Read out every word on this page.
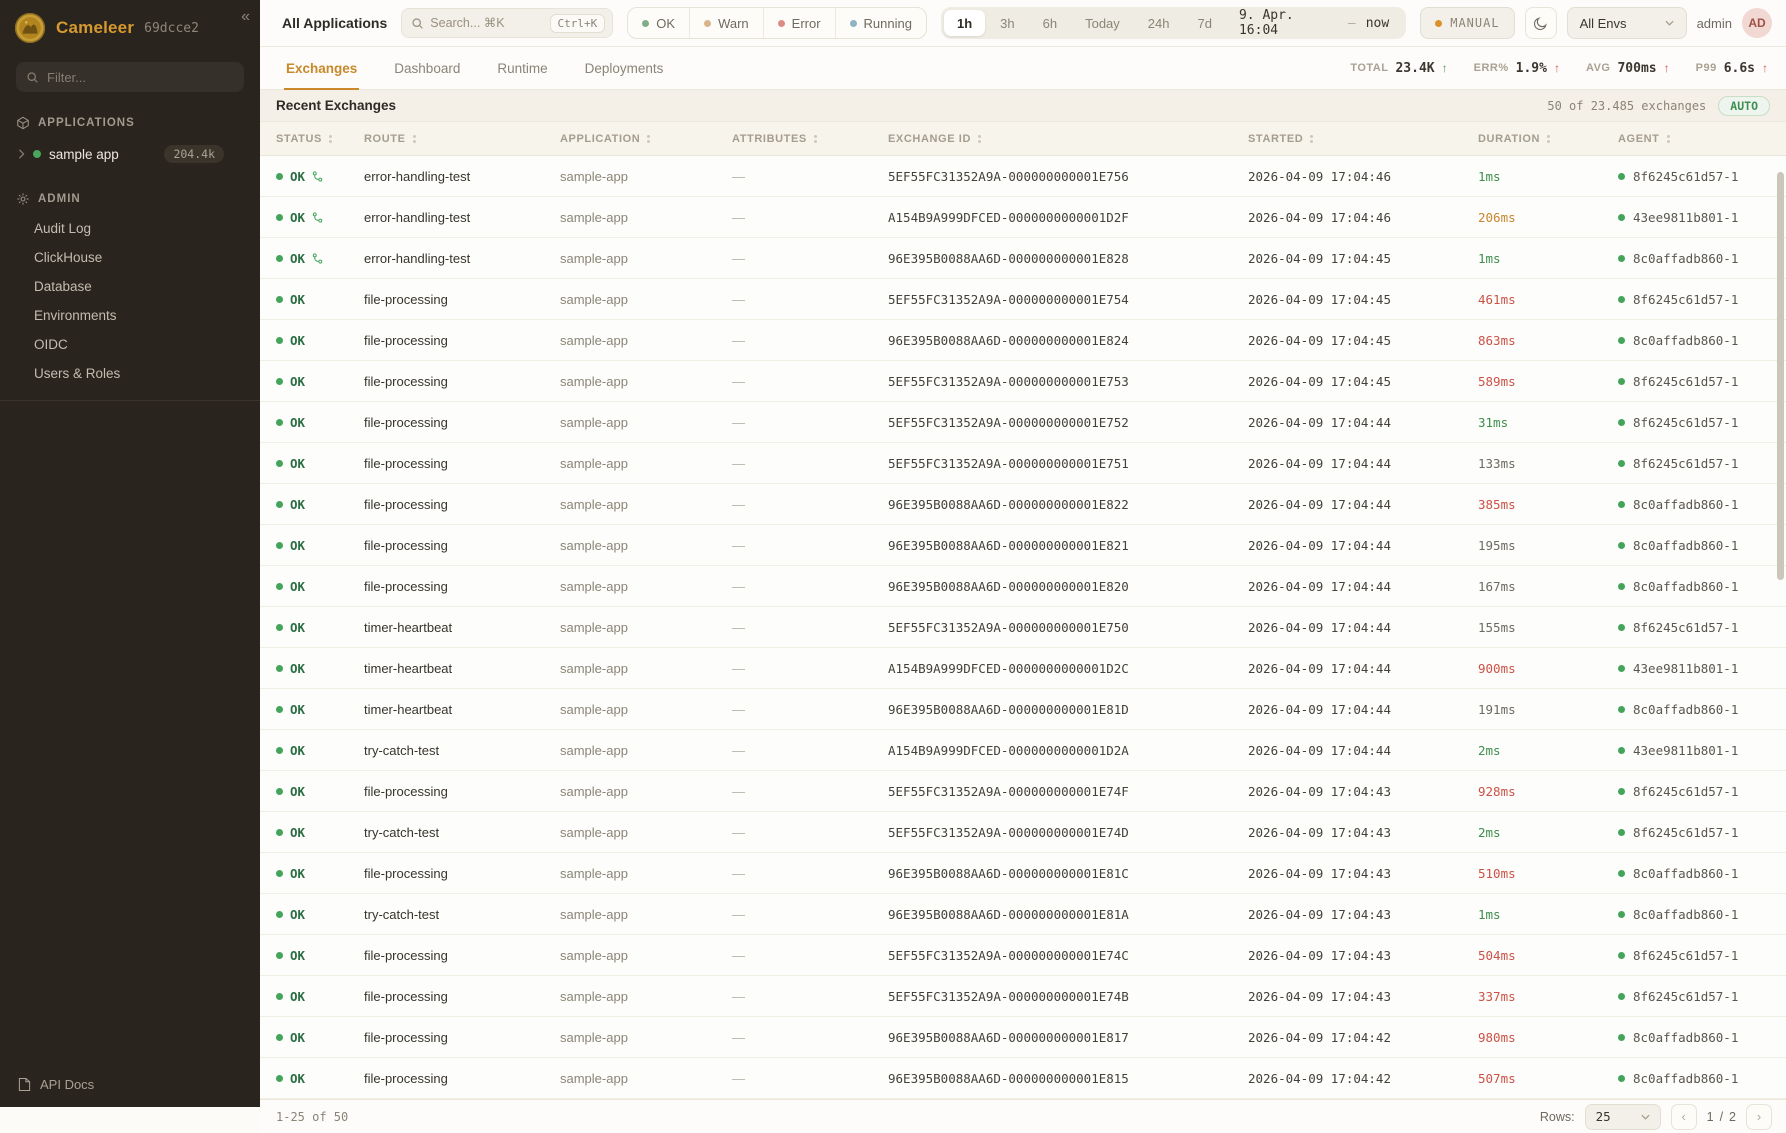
Cameleer 69dcce2
«
Filter...
APPLICATIONS
sample app	204.4k
ADMIN
Audit Log
ClickHouse
Database
Environments
OIDC
Users & Roles
API Docs
All Applications
Search... ⌘K	Ctrl+K	OK	Warn	Error	Running	1h	3h	6h	Today	24h	7d	9. Apr. 16:04	— now	MANUAL	All Envs	admin	AD
Exchanges	Dashboard	Runtime	Deployments	TOTAL 23.4K ↑ ERR% 1.9% ↑ AVG 700ms ↑ P99 6.6s ↑
Recent Exchanges	50 of 23.485 exchanges	AUTO
STATUS	ROUTE	APPLICATION	ATTRIBUTES	EXCHANGE ID	STARTED	DURATION	AGENT
OK	error-handling-test	sample-app	—	5EF55FC31352A9A-000000000001E756	2026-04-09 17:04:46	1ms	8f6245c61d57-1
OK	error-handling-test	sample-app	—	A154B9A999DFCED-0000000000001D2F	2026-04-09 17:04:46	206ms	43ee9811b801-1
OK	error-handling-test	sample-app	—	96E395B0088AA6D-000000000001E828	2026-04-09 17:04:45	1ms	8c0affadb860-1
OK	file-processing	sample-app	—	5EF55FC31352A9A-000000000001E754	2026-04-09 17:04:45	461ms	8f6245c61d57-1
OK	file-processing	sample-app	—	96E395B0088AA6D-000000000001E824	2026-04-09 17:04:45	863ms	8c0affadb860-1
OK	file-processing	sample-app	—	5EF55FC31352A9A-000000000001E753	2026-04-09 17:04:45	589ms	8f6245c61d57-1
OK	file-processing	sample-app	—	5EF55FC31352A9A-000000000001E752	2026-04-09 17:04:44	31ms	8f6245c61d57-1
OK	file-processing	sample-app	—	5EF55FC31352A9A-000000000001E751	2026-04-09 17:04:44	133ms	8f6245c61d57-1
OK	file-processing	sample-app	—	96E395B0088AA6D-000000000001E822	2026-04-09 17:04:44	385ms	8c0affadb860-1
OK	file-processing	sample-app	—	96E395B0088AA6D-000000000001E821	2026-04-09 17:04:44	195ms	8c0affadb860-1
OK	file-processing	sample-app	—	96E395B0088AA6D-000000000001E820	2026-04-09 17:04:44	167ms	8c0affadb860-1
OK	timer-heartbeat	sample-app	—	5EF55FC31352A9A-000000000001E750	2026-04-09 17:04:44	155ms	8f6245c61d57-1
OK	timer-heartbeat	sample-app	—	A154B9A999DFCED-0000000000001D2C	2026-04-09 17:04:44	900ms	43ee9811b801-1
OK	timer-heartbeat	sample-app	—	96E395B0088AA6D-000000000001E81D	2026-04-09 17:04:44	191ms	8c0affadb860-1
OK	try-catch-test	sample-app	—	A154B9A999DFCED-0000000000001D2A	2026-04-09 17:04:44	2ms	43ee9811b801-1
OK	file-processing	sample-app	—	5EF55FC31352A9A-000000000001E74F	2026-04-09 17:04:43	928ms	8f6245c61d57-1
OK	try-catch-test	sample-app	—	5EF55FC31352A9A-000000000001E74D	2026-04-09 17:04:43	2ms	8f6245c61d57-1
OK	file-processing	sample-app	—	96E395B0088AA6D-000000000001E81C	2026-04-09 17:04:43	510ms	8c0affadb860-1
OK	try-catch-test	sample-app	—	96E395B0088AA6D-000000000001E81A	2026-04-09 17:04:43	1ms	8c0affadb860-1
OK	file-processing	sample-app	—	5EF55FC31352A9A-000000000001E74C	2026-04-09 17:04:43	504ms	8f6245c61d57-1
OK	file-processing	sample-app	—	5EF55FC31352A9A-000000000001E74B	2026-04-09 17:04:43	337ms	8f6245c61d57-1
OK	file-processing	sample-app	—	96E395B0088AA6D-000000000001E817	2026-04-09 17:04:42	980ms	8c0affadb860-1
OK	file-processing	sample-app	—	96E395B0088AA6D-000000000001E815	2026-04-09 17:04:42	507ms	8c0affadb860-1
1-25 of 50	Rows: 25	‹ 1 / 2 ›
